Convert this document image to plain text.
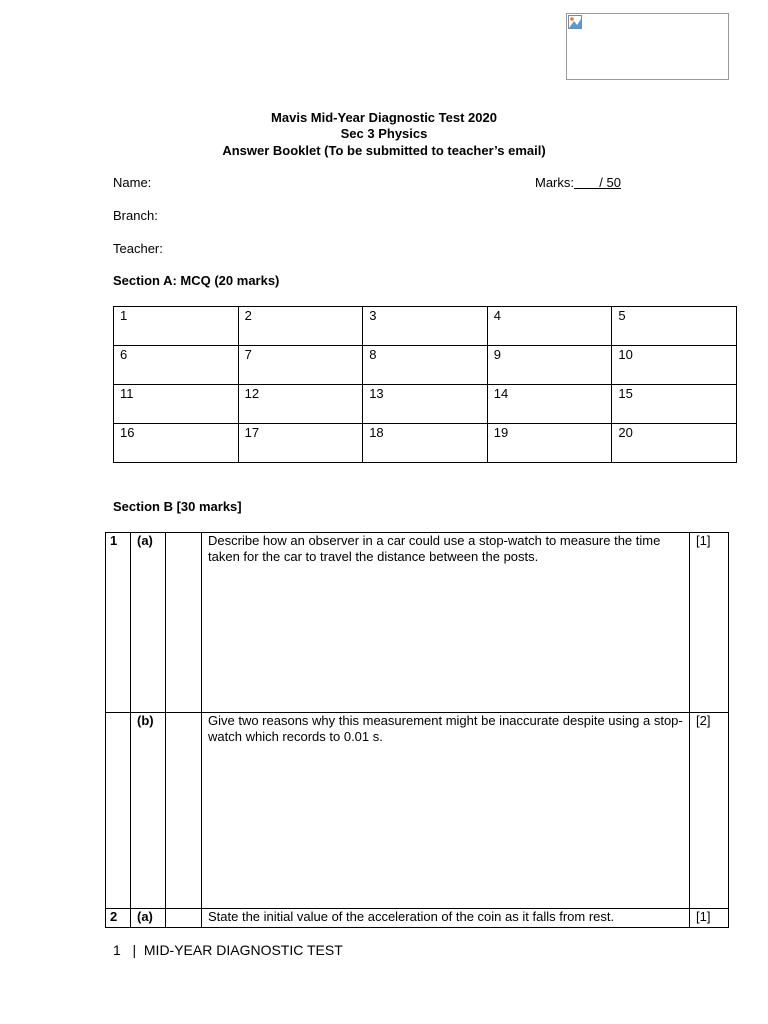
Mavis Mid-Year Diagnostic Test 2020
Sec 3 Physics
Answer Booklet (To be submitted to teacher’s email)
Name:	Marks:       / 50
Branch:
Teacher:
Section A: MCQ (20 marks)
1	2	3	4	5
6	7	8	9	10
11	12	13	14	15
16	17	18	19	20
Section B [30 marks]
1	(a)		Describe how an observer in a car could use a stop-watch to measure the time taken for the car to travel the distance between the posts.	[1]
	(b)		Give two reasons why this measurement might be inaccurate despite using a stop-watch which records to 0.01 s.	[2]
2	(a)		State the initial value of the acceleration of the coin as it falls from rest.	[1]
1 | MID-YEAR DIAGNOSTIC TEST
